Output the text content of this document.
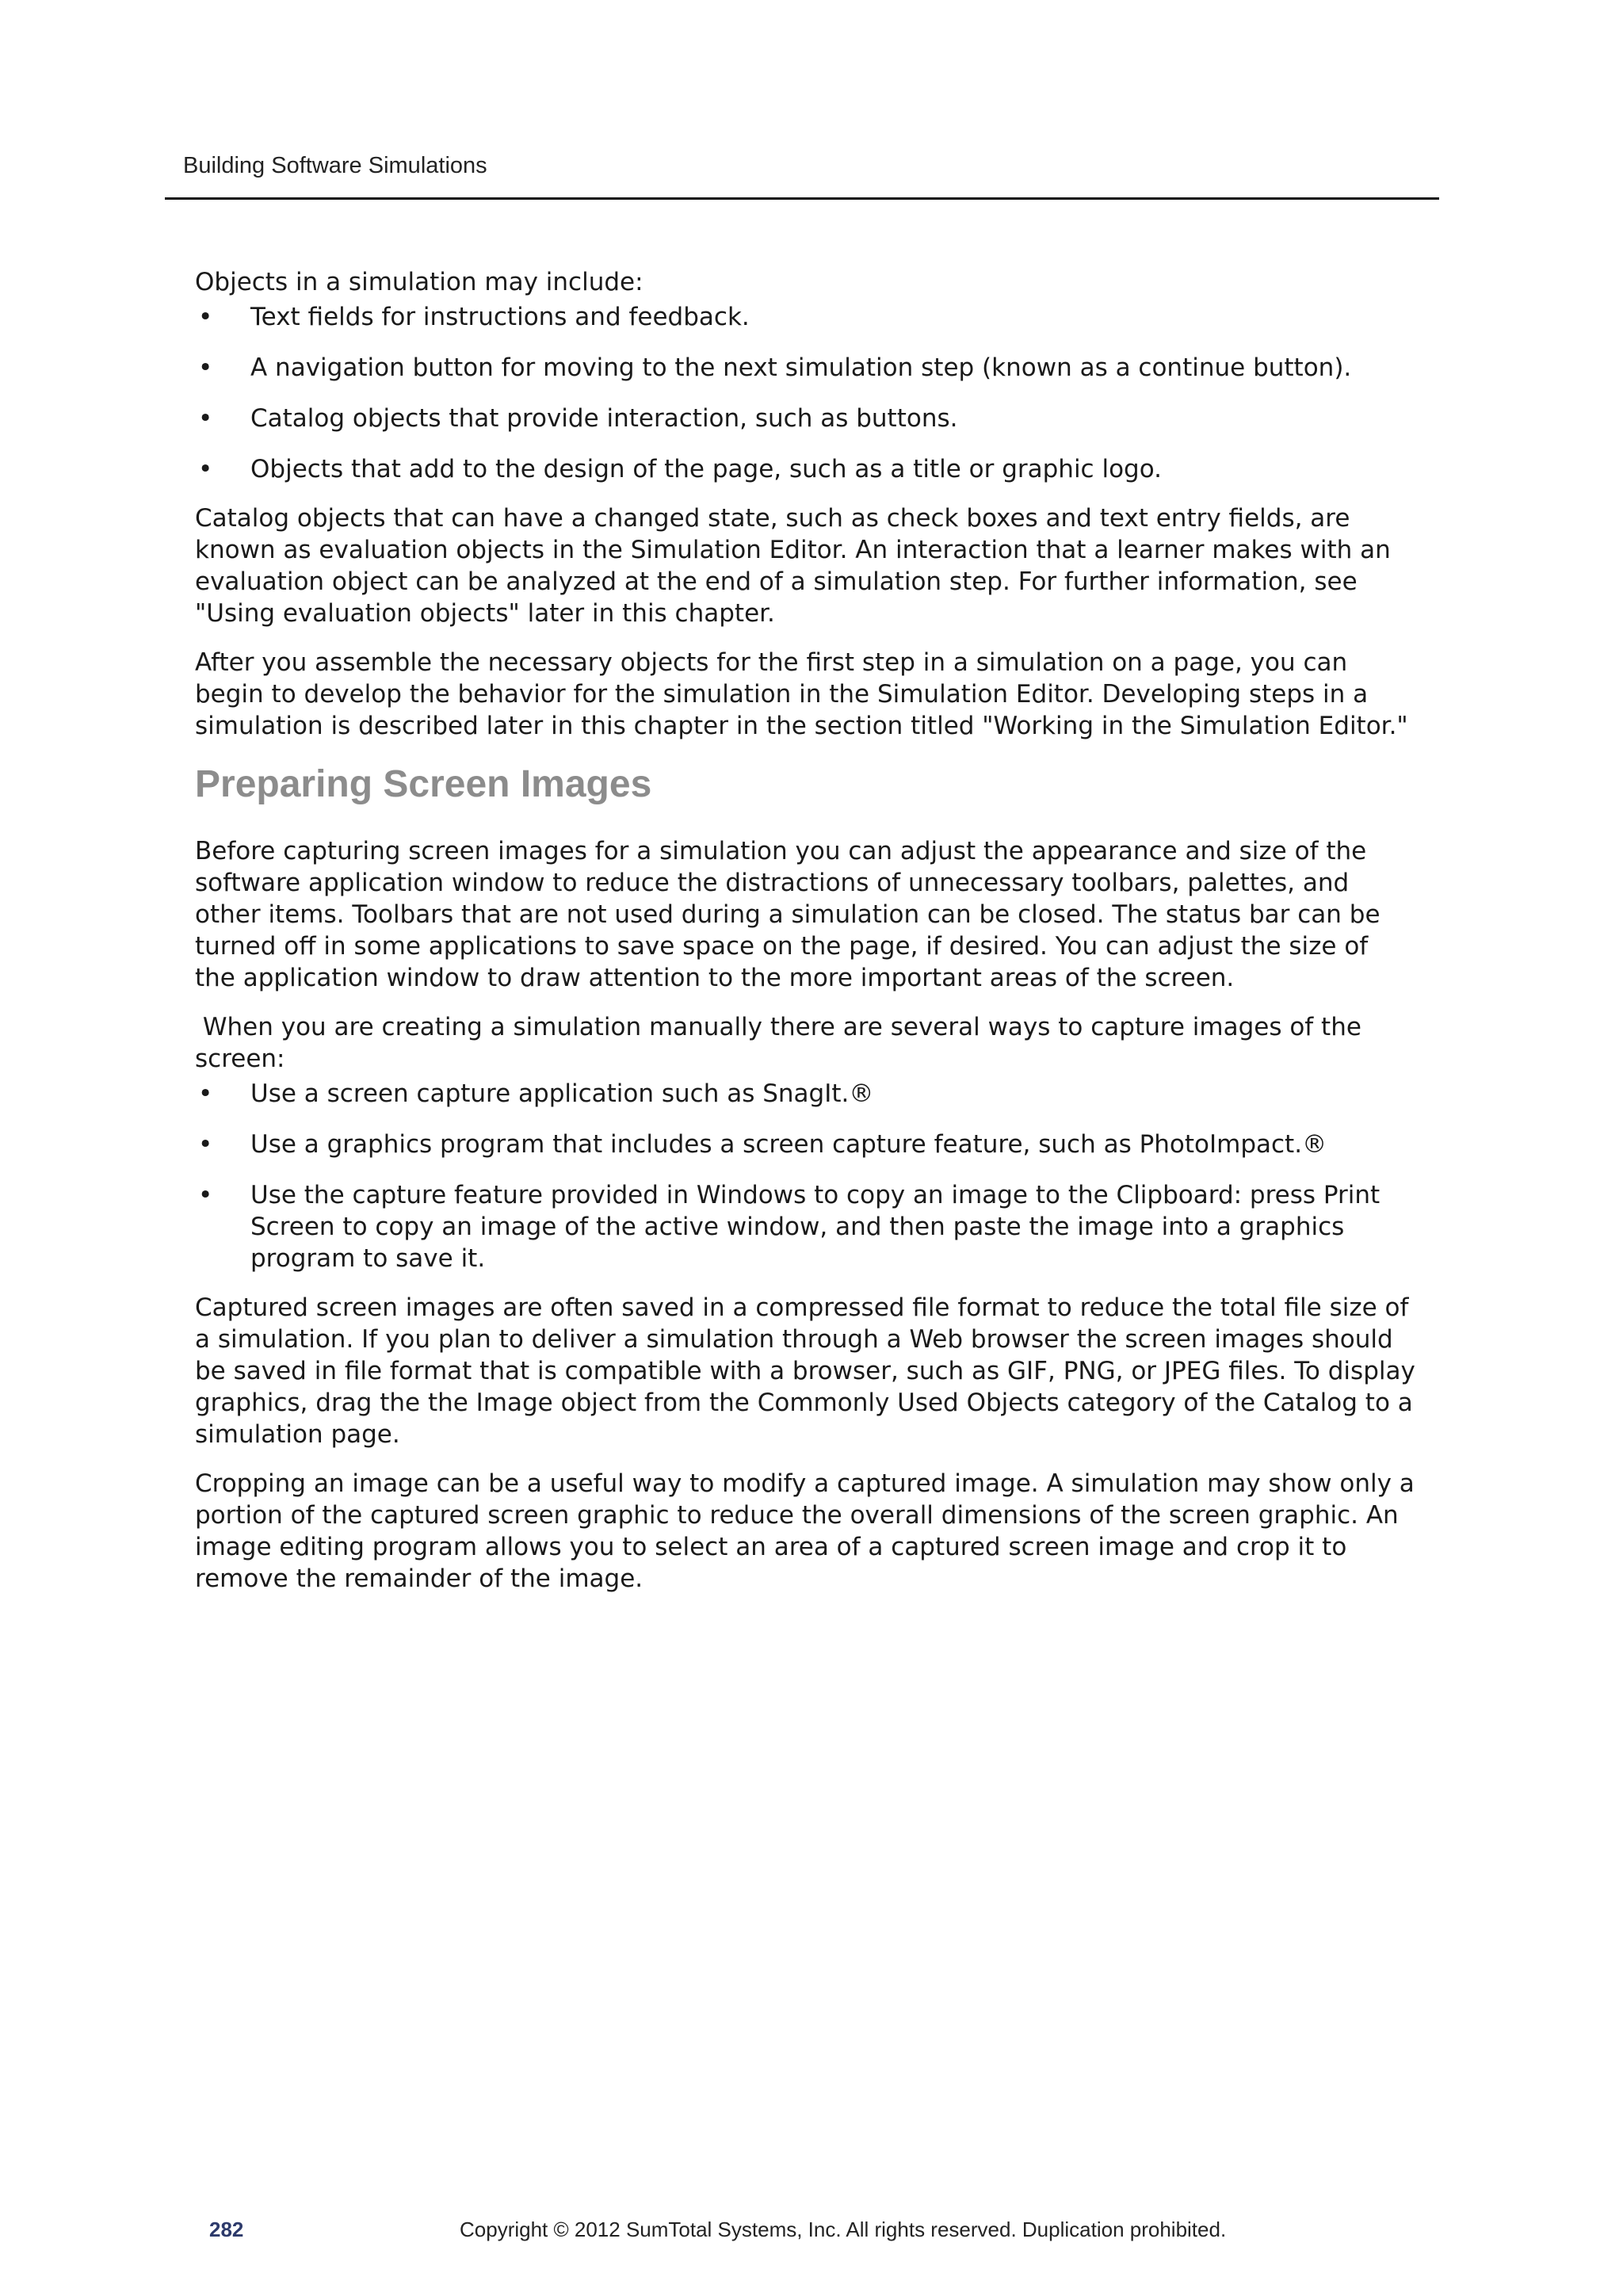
Building Software Simulations

Objects in a simulation may include:

• Text fields for instructions and feedback.
• A navigation button for moving to the next simulation step (known as a continue button).
• Catalog objects that provide interaction, such as buttons.
• Objects that add to the design of the page, such as a title or graphic logo.

Catalog objects that can have a changed state, such as check boxes and text entry fields, are known as evaluation objects in the Simulation Editor. An interaction that a learner makes with an evaluation object can be analyzed at the end of a simulation step. For further information, see "Using evaluation objects" later in this chapter.

After you assemble the necessary objects for the first step in a simulation on a page, you can begin to develop the behavior for the simulation in the Simulation Editor. Developing steps in a simulation is described later in this chapter in the section titled "Working in the Simulation Editor."

Preparing Screen Images

Before capturing screen images for a simulation you can adjust the appearance and size of the software application window to reduce the distractions of unnecessary toolbars, palettes, and other items. Toolbars that are not used during a simulation can be closed. The status bar can be turned off in some applications to save space on the page, if desired. You can adjust the size of the application window to draw attention to the more important areas of the screen.

When you are creating a simulation manually there are several ways to capture images of the screen:

• Use a screen capture application such as SnagIt.®
• Use a graphics program that includes a screen capture feature, such as PhotoImpact.®
• Use the capture feature provided in Windows to copy an image to the Clipboard: press Print Screen to copy an image of the active window, and then paste the image into a graphics program to save it.

Captured screen images are often saved in a compressed file format to reduce the total file size of a simulation. If you plan to deliver a simulation through a Web browser the screen images should be saved in file format that is compatible with a browser, such as GIF, PNG, or JPEG files. To display graphics, drag the the Image object from the Commonly Used Objects category of the Catalog to a simulation page.

Cropping an image can be a useful way to modify a captured image. A simulation may show only a portion of the captured screen graphic to reduce the overall dimensions of the screen graphic. An image editing program allows you to select an area of a captured screen image and crop it to remove the remainder of the image.

282	Copyright © 2012 SumTotal Systems, Inc. All rights reserved. Duplication prohibited.
